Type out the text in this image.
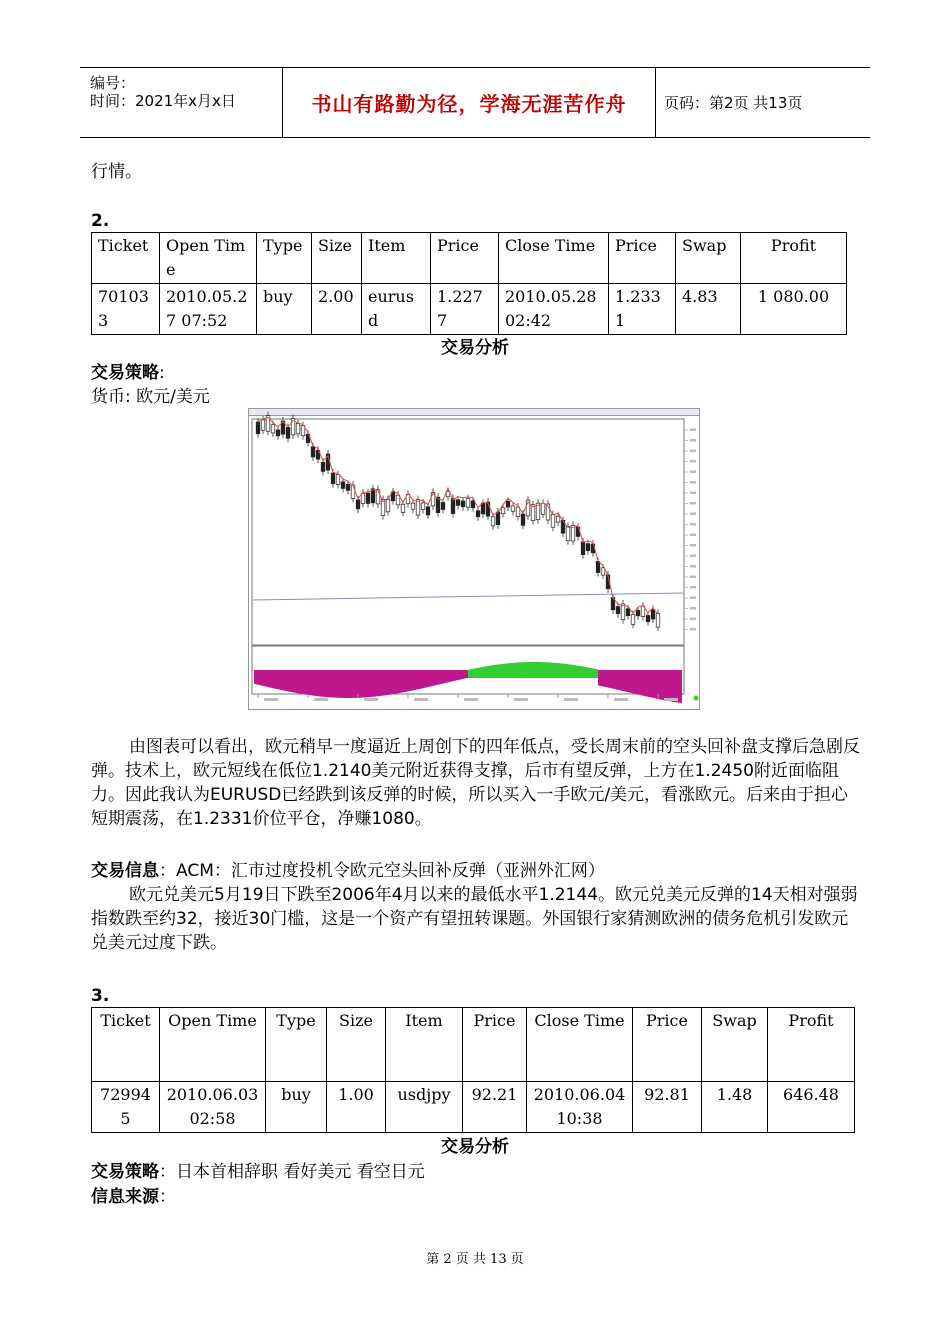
编号：
时间：2021年x月x日	书山有路勤为径，学海无涯苦作舟	页码：第2页 共13页
行情。
2.
Ticket	Open Time	Type	Size	Item	Price	Close Time	Price	Swap	Profit
701033	2010.05.27 07:52	buy	2.00	eurusd	1.2277	2010.05.28 02:42	1.2331	4.83	1 080.00
交易分析
交易策略:
货币: 欧元/美元
由图表可以看出，欧元稍早一度逼近上周创下的四年低点，受长周末前的空头回补盘支撑后急剧反弹。技术上，欧元短线在低位1.2140美元附近获得支撑，后市有望反弹，上方在1.2450附近面临阻力。因此我认为EURUSD已经跌到该反弹的时候，所以买入一手欧元/美元，看涨欧元。后来由于担心短期震荡，在1.2331价位平仓，净赚1080。
交易信息：ACM：汇市过度投机令欧元空头回补反弹（亚洲外汇网）
欧元兑美元5月19日下跌至2006年4月以来的最低水平1.2144。欧元兑美元反弹的14天相对强弱指数跌至约32，接近30门槛，这是一个资产有望扭转课题。外国银行家猜测欧洲的债务危机引发欧元兑美元过度下跌。
3.
Ticket	Open Time	Type	Size	Item	Price	Close Time	Price	Swap	Profit
729945	2010.06.03 02:58	buy	1.00	usdjpy	92.21	2010.06.04 10:38	92.81	1.48	646.48
交易分析
交易策略：日本首相辞职 看好美元 看空日元
信息来源：
第 2 页 共 13 页
